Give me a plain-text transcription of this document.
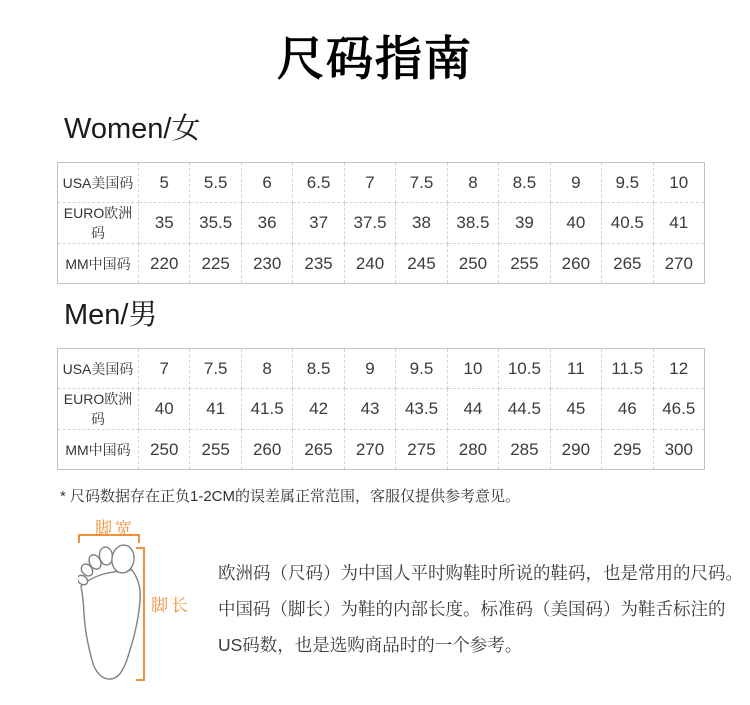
尺码指南
Women/女
USA美国码	5	5.5	6	6.5	7	7.5	8	8.5	9	9.5	10
EURO欧洲码	35	35.5	36	37	37.5	38	38.5	39	40	40.5	41
MM中国码	220	225	230	235	240	245	250	255	260	265	270
Men/男
USA美国码	7	7.5	8	8.5	9	9.5	10	10.5	11	11.5	12
EURO欧洲码	40	41	41.5	42	43	43.5	44	44.5	45	46	46.5
MM中国码	250	255	260	265	270	275	280	285	290	295	300

* 尺码数据存在正负1-2CM的误差属正常范围，客服仅提供参考意见。

脚宽
脚长
欧洲码（尺码）为中国人平时购鞋时所说的鞋码，也是常用的尺码。
中国码（脚长）为鞋的内部长度。标准码（美国码）为鞋舌标注的
US码数，也是选购商品时的一个参考。
